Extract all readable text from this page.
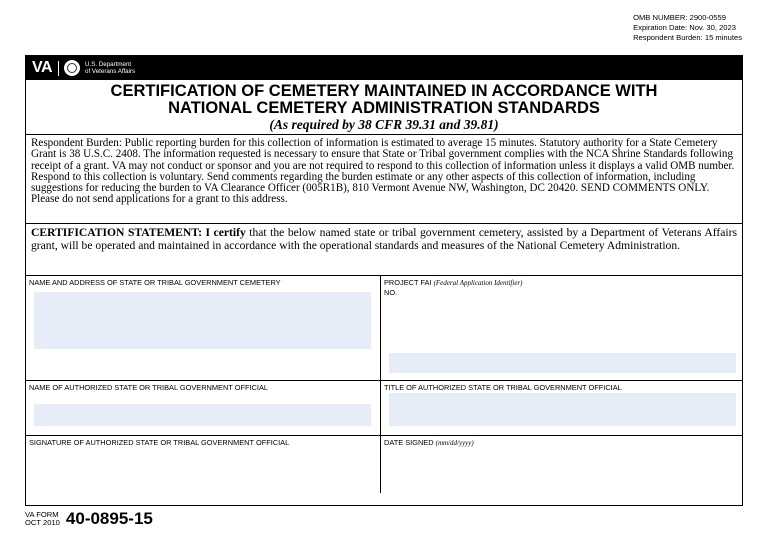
OMB NUMBER: 2900-0559
Expiration Date: Nov. 30, 2023
Respondent Burden: 15 minutes
VA	U.S. Department
of Veterans Affairs
CERTIFICATION OF CEMETERY MAINTAINED IN ACCORDANCE WITH
NATIONAL CEMETERY ADMINISTRATION STANDARDS
(As required by 38 CFR 39.31 and 39.81)
Respondent Burden: Public reporting burden for this collection of information is estimated to average 15 minutes. Statutory authority for a State Cemetery Grant is 38 U.S.C. 2408. The information requested is necessary to ensure that State or Tribal government complies with the NCA Shrine Standards following receipt of a grant. VA may not conduct or sponsor and you are not required to respond to this collection of information unless it displays a valid OMB number. Respond to this collection is voluntary. Send comments regarding the burden estimate or any other aspects of this collection of information, including suggestions for reducing the burden to VA Clearance Officer (005R1B), 810 Vermont Avenue NW, Washington, DC 20420. SEND COMMENTS ONLY. Please do not send applications for a grant to this address.
CERTIFICATION STATEMENT: I certify that the below named state or tribal government cemetery, assisted by a Department of Veterans Affairs grant, will be operated and maintained in accordance with the operational standards and measures of the National Cemetery Administration.
NAME AND ADDRESS OF STATE OR TRIBAL GOVERNMENT CEMETERY	PROJECT FAI (Federal Application Identifier)
NO.
NAME OF AUTHORIZED STATE OR TRIBAL GOVERNMENT OFFICIAL	TITLE OF AUTHORIZED STATE OR TRIBAL GOVERNMENT OFFICIAL
SIGNATURE OF AUTHORIZED STATE OR TRIBAL GOVERNMENT OFFICIAL	DATE SIGNED (mm/dd/yyyy)
VA FORM
OCT 2010 40-0895-15
